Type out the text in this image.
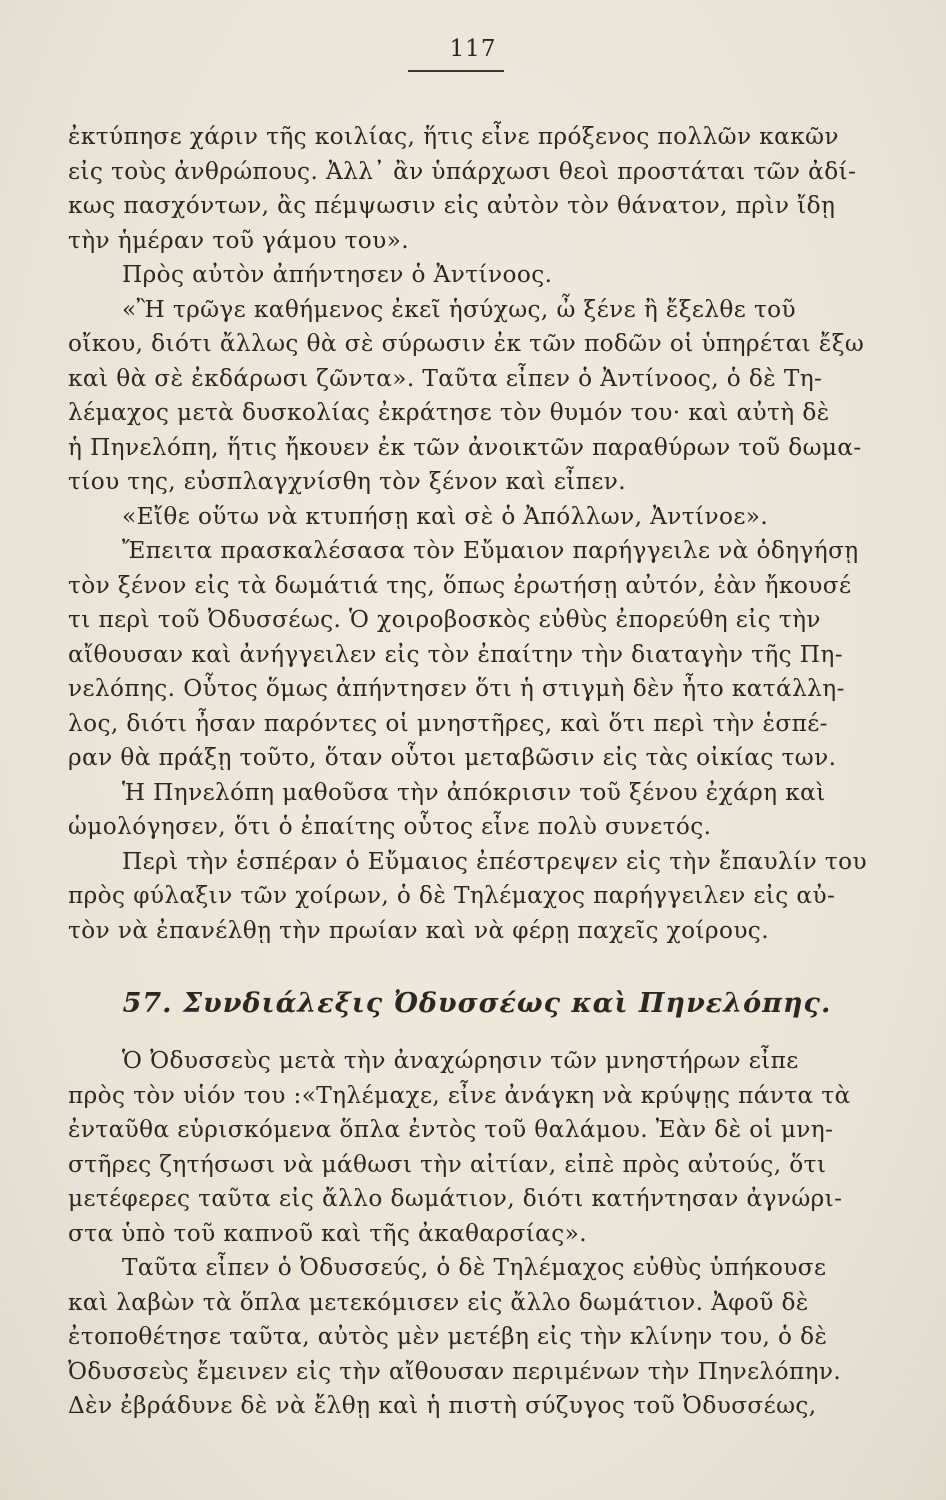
117
ἐκτύπησε χάριν τῆς κοιλίας, ἥτις εἶνε πρόξενος πολλῶν κακῶν
εἰς τοὺς ἀνθρώπους. Ἀλλ᾽ ἂν ὑπάρχωσι θεοὶ προστάται τῶν ἀδί-
κως πασχόντων, ἂς πέμψωσιν εἰς αὐτὸν τὸν θάνατον, πρὶν ἴδῃ
τὴν ἡμέραν τοῦ γάμου του».
Πρὸς αὐτὸν ἀπήντησεν ὁ Ἀντίνοος.
«Ἢ τρῶγε καθήμενος ἐκεῖ ἡσύχως, ὦ ξένε ἢ ἔξελθε τοῦ
οἴκου, διότι ἄλλως θὰ σὲ σύρωσιν ἐκ τῶν ποδῶν οἱ ὑπηρέται ἔξω
καὶ θὰ σὲ ἐκδάρωσι ζῶντα». Ταῦτα εἶπεν ὁ Ἀντίνοος, ὁ δὲ Τη-
λέμαχος μετὰ δυσκολίας ἐκράτησε τὸν θυμόν του· καὶ αὐτὴ δὲ
ἡ Πηνελόπη, ἥτις ἤκουεν ἐκ τῶν ἀνοικτῶν παραθύρων τοῦ δωμα-
τίου της, εὐσπλαγχνίσθη τὸν ξένον καὶ εἶπεν.
«Εἴθε οὕτω νὰ κτυπήσῃ καὶ σὲ ὁ Ἀπόλλων, Ἀντίνοε».
Ἔπειτα πρασκαλέσασα τὸν Εὔμαιον παρήγγειλε νὰ ὁδηγήσῃ
τὸν ξένον εἰς τὰ δωμάτιά της, ὅπως ἐρωτήσῃ αὐτόν, ἐὰν ἤκουσέ
τι περὶ τοῦ Ὀδυσσέως. Ὁ χοιροβοσκὸς εὐθὺς ἐπορεύθη εἰς τὴν
αἴθουσαν καὶ ἀνήγγειλεν εἰς τὸν ἐπαίτην τὴν διαταγὴν τῆς Πη-
νελόπης. Οὗτος ὅμως ἀπήντησεν ὅτι ἡ στιγμὴ δὲν ἦτο κατάλλη-
λος, διότι ἦσαν παρόντες οἱ μνηστῆρες, καὶ ὅτι περὶ τὴν ἑσπέ-
ραν θὰ πράξῃ τοῦτο, ὅταν οὗτοι μεταβῶσιν εἰς τὰς οἰκίας των.
Ἡ Πηνελόπη μαθοῦσα τὴν ἀπόκρισιν τοῦ ξένου ἐχάρη καὶ
ὡμολόγησεν, ὅτι ὁ ἐπαίτης οὗτος εἶνε πολὺ συνετός.
Περὶ τὴν ἑσπέραν ὁ Εὔμαιος ἐπέστρεψεν εἰς τὴν ἔπαυλίν του
πρὸς φύλαξιν τῶν χοίρων, ὁ δὲ Τηλέμαχος παρήγγειλεν εἰς αὐ-
τὸν νὰ ἐπανέλθῃ τὴν πρωίαν καὶ νὰ φέρῃ παχεῖς χοίρους.
57. Συνδιάλεξις Ὀδυσσέως καὶ Πηνελόπης.
Ὁ Ὀδυσσεὺς μετὰ τὴν ἀναχώρησιν τῶν μνηστήρων εἶπε
πρὸς τὸν υἱόν του :«Τηλέμαχε, εἶνε ἀνάγκη νὰ κρύψῃς πάντα τὰ
ἐνταῦθα εὑρισκόμενα ὅπλα ἐντὸς τοῦ θαλάμου. Ἐὰν δὲ οἱ μνη-
στῆρες ζητήσωσι νὰ μάθωσι τὴν αἰτίαν, εἰπὲ πρὸς αὐτούς, ὅτι
μετέφερες ταῦτα εἰς ἄλλο δωμάτιον, διότι κατήντησαν ἀγνώρι-
στα ὑπὸ τοῦ καπνοῦ καὶ τῆς ἀκαθαρσίας».
Ταῦτα εἶπεν ὁ Ὀδυσσεύς, ὁ δὲ Τηλέμαχος εὐθὺς ὑπήκουσε
καὶ λαβὼν τὰ ὅπλα μετεκόμισεν εἰς ἄλλο δωμάτιον. Ἀφοῦ δὲ
ἐτοποθέτησε ταῦτα, αὐτὸς μὲν μετέβη εἰς τὴν κλίνην του, ὁ δὲ
Ὀδυσσεὺς ἔμεινεν εἰς τὴν αἴθουσαν περιμένων τὴν Πηνελόπην.
Δὲν ἐβράδυνε δὲ νὰ ἔλθῃ καὶ ἡ πιστὴ σύζυγος τοῦ Ὀδυσσέως,
